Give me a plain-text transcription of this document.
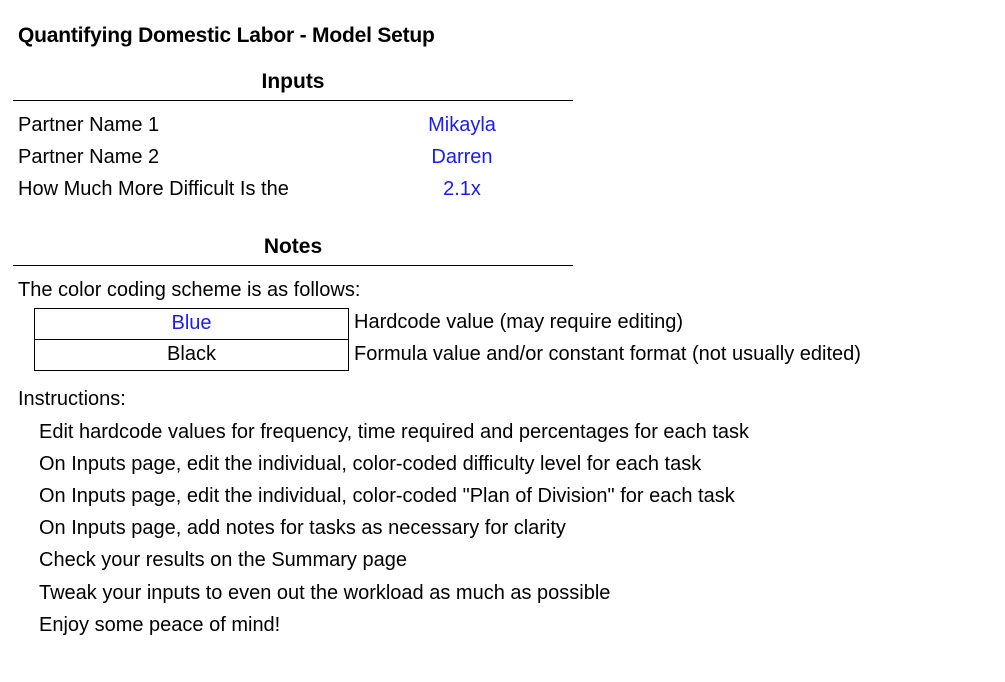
Quantifying Domestic Labor - Model Setup
Inputs
Partner Name 1	Mikayla
Partner Name 2	Darren
How Much More Difficult Is the	2.1x
Notes
The color coding scheme is as follows:
Blue	Hardcode value (may require editing)
Black	Formula value and/or constant format (not usually edited)
Instructions:
Edit hardcode values for frequency, time required and percentages for each task
On Inputs page, edit the individual, color-coded difficulty level for each task
On Inputs page, edit the individual, color-coded "Plan of Division" for each task
On Inputs page, add notes for tasks as necessary for clarity
Check your results on the Summary page
Tweak your inputs to even out the workload as much as possible
Enjoy some peace of mind!
